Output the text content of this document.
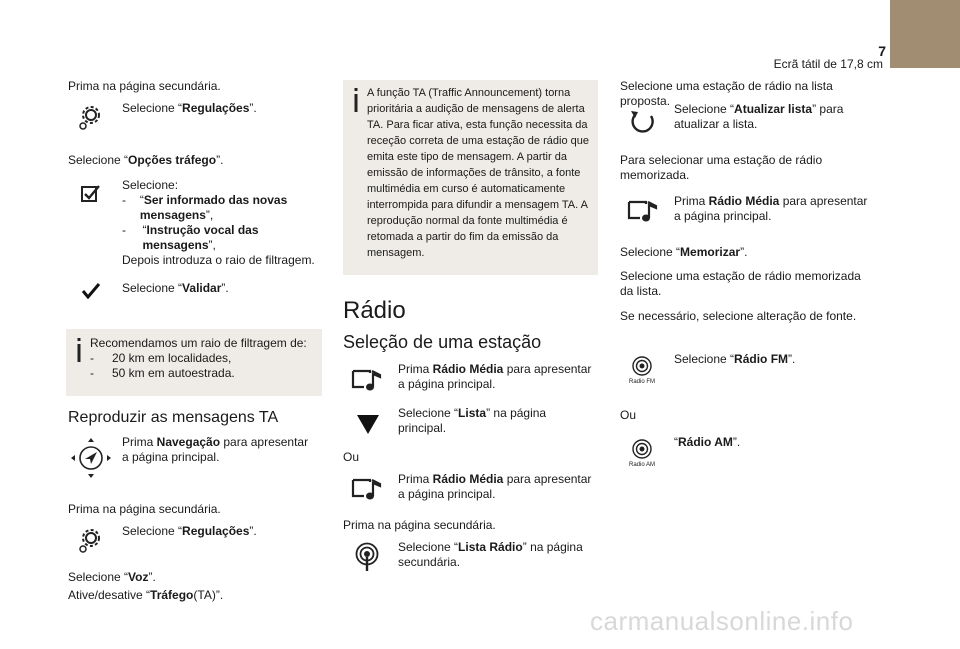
7
Ecrã tátil de 17,8 cm

Prima na página secundária.

Selecione “Regulações”.

Selecione “Opções tráfego”.

Selecione:
-	“Ser informado das novas mensagens”,
-	“Instrução vocal das mensagens”,
Depois introduza o raio de filtragem.

Selecione “Validar”.

Recomendamos um raio de filtragem de:
-	20 km em localidades,
-	50 km em autoestrada.
Reproduzir as mensagens TA

Prima Navegação para apresentar a página principal.

Prima na página secundária.

Selecione “Regulações”.

Selecione “Voz”.

Ative/desative “Tráfego(TA)”.

A função TA (Traffic Announcement) torna prioritária a audição de mensagens de alerta TA. Para ficar ativa, esta função necessita da receção correta de uma estação de rádio que emita este tipo de mensagem. A partir da emissão de informações de trânsito, a fonte multimédia em curso é automaticamente interrompida para difundir a mensagem TA. A reprodução normal da fonte multimédia é retomada a partir do fim da emissão da mensagem.
Rádio
Seleção de uma estação

Prima Rádio Média para apresentar a página principal.

Selecione “Lista” na página principal.

Ou

Prima Rádio Média para apresentar a página principal.

Prima na página secundária.

Selecione “Lista Rádio” na página secundária.

Selecione uma estação de rádio na lista proposta.

Selecione “Atualizar lista” para atualizar a lista.

Para selecionar uma estação de rádio memorizada.

Prima Rádio Média para apresentar a página principal.

Selecione “Memorizar”.

Selecione uma estação de rádio memorizada da lista.

Se necessário, selecione alteração de fonte.

Radio FM

Selecione “Rádio FM”.

Ou

Radio AM

“Rádio AM”.

carmanualsonline.info
